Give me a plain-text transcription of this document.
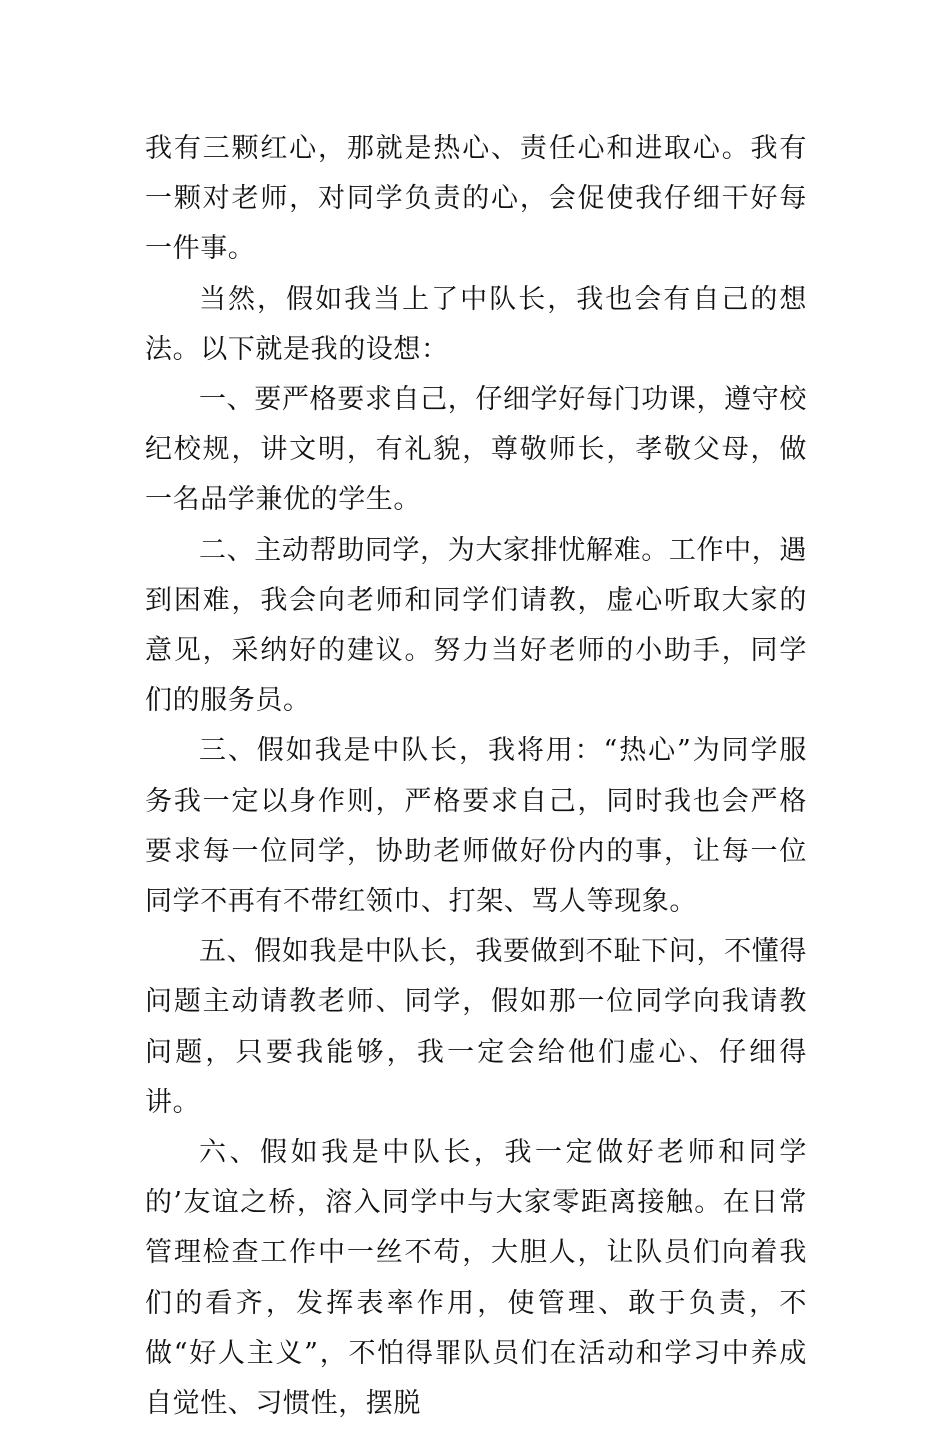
我有三颗红心，那就是热心、责任心和进取心。我有一颗对老师，对同学负责的心，会促使我仔细干好每一件事。

当然，假如我当上了中队长，我也会有自己的想法。以下就是我的设想：

一、要严格要求自己，仔细学好每门功课，遵守校纪校规，讲文明，有礼貌，尊敬师长，孝敬父母，做一名品学兼优的学生。

二、主动帮助同学，为大家排忧解难。工作中，遇到困难，我会向老师和同学们请教，虚心听取大家的意见，采纳好的建议。努力当好老师的小助手，同学们的服务员。

三、假如我是中队长，我将用：“热心”为同学服务我一定以身作则，严格要求自己，同时我也会严格要求每一位同学，协助老师做好份内的事，让每一位同学不再有不带红领巾、打架、骂人等现象。

五、假如我是中队长，我要做到不耻下问，不懂得问题主动请教老师、同学，假如那一位同学向我请教问题，只要我能够，我一定会给他们虚心、仔细得讲。

六、假如我是中队长，我一定做好老师和同学的’友谊之桥，溶入同学中与大家零距离接触。在日常管理检查工作中一丝不苟，大胆人，让队员们向着我们的看齐，发挥表率作用，使管理、敢于负责，不做“好人主义”，不怕得罪队员们在活动和学习中养成自觉性、习惯性，摆脱
